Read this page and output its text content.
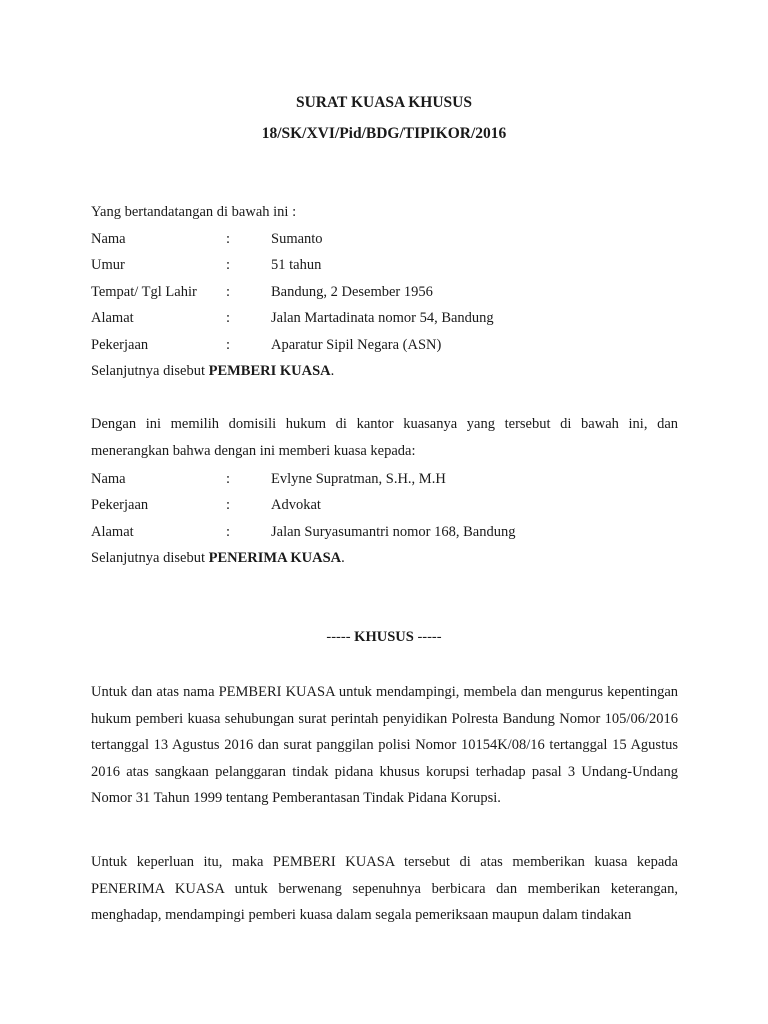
SURAT KUASA KHUSUS
18/SK/XVI/Pid/BDG/TIPIKOR/2016
Yang bertandatangan di bawah ini :
Nama	:	Sumanto
Umur	:	51 tahun
Tempat/ Tgl Lahir :	Bandung, 2 Desember 1956
Alamat	:	Jalan Martadinata nomor 54, Bandung
Pekerjaan	:	Aparatur Sipil Negara (ASN)
Selanjutnya disebut PEMBERI KUASA.
Dengan ini memilih domisili hukum di kantor kuasanya yang tersebut di bawah ini, dan menerangkan bahwa dengan ini memberi kuasa kepada:
Nama	:	Evlyne Supratman, S.H., M.H
Pekerjaan	:	Advokat
Alamat	:	Jalan Suryasumantri nomor 168, Bandung
Selanjutnya disebut PENERIMA KUASA.
----- KHUSUS -----
Untuk dan atas nama PEMBERI KUASA untuk mendampingi, membela dan mengurus kepentingan hukum pemberi kuasa sehubungan surat perintah penyidikan Polresta Bandung Nomor 105/06/2016 tertanggal 13 Agustus 2016 dan surat panggilan polisi Nomor 10154K/08/16 tertanggal 15 Agustus 2016 atas sangkaan pelanggaran tindak pidana khusus korupsi terhadap pasal 3 Undang-Undang Nomor 31 Tahun 1999 tentang Pemberantasan Tindak Pidana Korupsi.
Untuk keperluan itu, maka PEMBERI KUASA tersebut di atas memberikan kuasa kepada PENERIMA KUASA untuk berwenang sepenuhnya berbicara dan memberikan keterangan, menghadap, mendampingi pemberi kuasa dalam segala pemeriksaan maupun dalam tindakan
